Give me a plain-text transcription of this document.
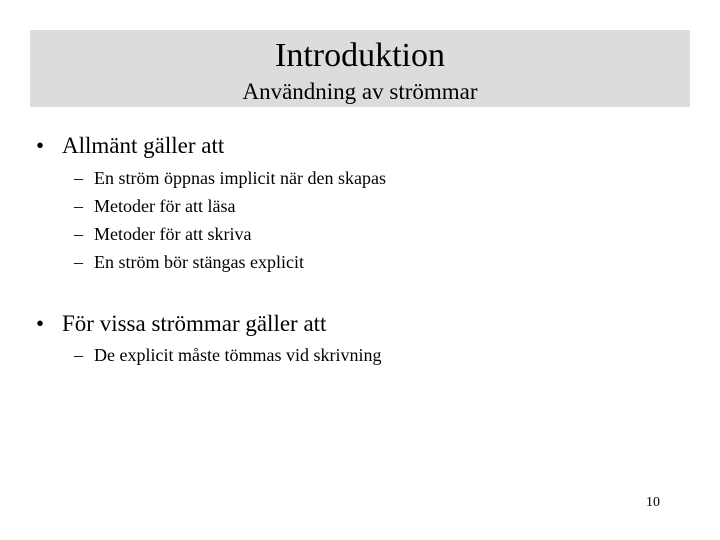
Introduktion
Användning av strömmar
• Allmänt gäller att
– En ström öppnas implicit när den skapas
– Metoder för att läsa
– Metoder för att skriva
– En ström bör stängas explicit
• För vissa strömmar gäller att
– De explicit måste tömmas vid skrivning
10
